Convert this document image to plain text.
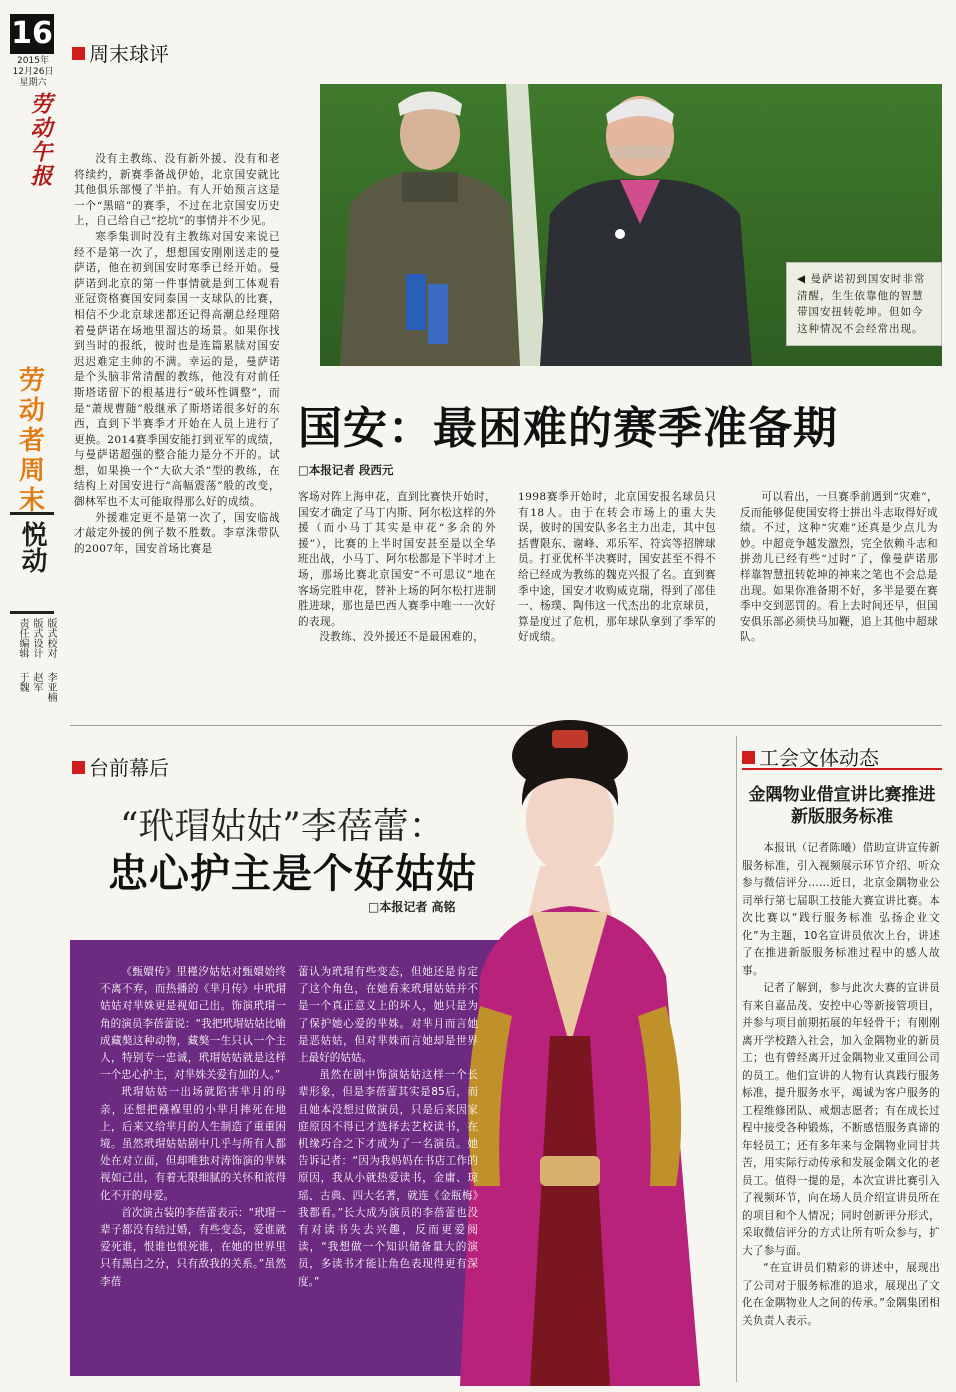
16
2015年
12月26日
星期六
劳动午报
劳动者周末
悦动
版式校对
李亚楠
版式设计
赵军
责任编辑
于魏
周末球评
◀ 曼萨诺初到国安时非常清醒，生生依靠他的智慧带国安扭转乾坤。但如今这种情况不会经常出现。

没有主教练、没有新外援、没有和老将续约，新赛季备战伊始，北京国安就比其他俱乐部慢了半拍。有人开始预言这是一个“黑暗”的赛季，不过在北京国安历史上，自己给自己“挖坑”的事情并不少见。

寒季集训时没有主教练对国安来说已经不是第一次了，想想国安刚刚送走的曼萨诺，他在初到国安时寒季已经开始。曼萨诺到北京的第一件事情就是到工体观看亚冠资格赛国安同泰国一支球队的比赛，相信不少北京球迷都还记得高潮总经理陪着曼萨诺在场地里溜达的场景。如果你找到当时的报纸，彼时也是连篇累牍对国安迟迟难定主帅的不满。幸运的是，曼萨诺是个头脑非常清醒的教练，他没有对前任斯塔诺留下的根基进行“破坏性调整”，而是“萧规曹随”般继承了斯塔诺很多好的东西，直到下半赛季才开始在人员上进行了更换。2014赛季国安能打到亚军的成绩，与曼萨诺超强的整合能力是分不开的。试想，如果换一个“大砍大杀”型的教练，在结构上对国安进行“高幅震荡”般的改变，御林军也不太可能取得那么好的成绩。

外援难定更不是第一次了，国安临战才敲定外援的例子数不胜数。李章洙带队的2007年，国安首场比赛是

国安：最困难的赛季准备期
□本报记者 段西元

客场对阵上海申花，直到比赛快开始时，国安才确定了马丁内斯、阿尔松这样的外援（而小马丁其实是申花“多余的外援”），比赛的上半时国安甚至是以全华班出战，小马丁、阿尔松都是下半时才上场，那场比赛北京国安“不可思议”地在客场完胜申花，替补上场的阿尔松打进制胜进球，那也是巴西人赛季中唯一一次好的表现。

没教练、没外援还不是最困难的，

1998赛季开始时，北京国安报名球员只有18人。由于在转会市场上的重大失误，彼时的国安队多名主力出走，其中包括曹限东、谢峰、邓乐军、符宾等招牌球员。打亚优杯半决赛时，国安甚至不得不给已经成为教练的魏克兴报了名。直到赛季中途，国安才收购威克瑞，得到了邵佳一、杨璞、陶伟这一代杰出的北京球员，算是度过了危机，那年球队拿到了季军的好成绩。

可以看出，一旦赛季前遇到“灾难”，反而能够促使国安将士拼出斗志取得好成绩。不过，这种“灾难”还真是少点儿为妙。中超竞争越发激烈，完全依赖斗志和拼劲儿已经有些“过时”了，像曼萨诺那样靠智慧扭转乾坤的神来之笔也不会总是出现。如果你准备期不好，多半是要在赛季中交到恶罚的。看上去时间还早，但国安俱乐部必须快马加鞭，追上其他中超球队。

台前幕后
“玳瑁姑姑”李蓓蕾：
忠心护主是个好姑姑
□本报记者 高铭

《甄嬛传》里槿汐姑姑对甄嬛始终不离不弃，而热播的《芈月传》中玳瑁姑姑对芈姝更是视如己出。饰演玳瑁一角的演员李蓓蕾说：“我把玳瑁姑姑比喻成藏獒这种动物，藏獒一生只认一个主人，特别专一忠诚，玳瑁姑姑就是这样一个忠心护主，对芈姝关爱有加的人。”

玳瑁姑姑一出场就陷害芈月的母亲，还想把襁褓里的小芈月摔死在地上，后来又给芈月的人生制造了重重困境。虽然玳瑁姑姑剧中几乎与所有人都处在对立面，但却唯独对涛饰演的芈姝视如己出，有着无限细腻的关怀和浓得化不开的母爱。

首次演古装的李蓓蕾表示：“玳瑁一辈子都没有结过婚，有些变态，爱谁就爱死谁，恨谁也恨死谁，在她的世界里只有黑白之分，只有敌我的关系。”虽然李蓓

蕾认为玳瑁有些变态，但她还是肯定了这个角色，在她看来玳瑁姑姑并不是一个真正意义上的坏人，她只是为了保护她心爱的芈姝。对芈月而言她是恶姑姑，但对芈姝而言她却是世界上最好的姑姑。

虽然在剧中饰演姑姑这样一个长辈形象，但是李蓓蕾其实是85后，而且她本没想过做演员，只是后来因家庭原因不得已才选择去艺校读书，在机缘巧合之下才成为了一名演员。她告诉记者：“因为我妈妈在书店工作的原因，我从小就热爱读书，金庸、琼瑶、古典、四大名著，就连《金瓶梅》我都看。”长大成为演员的李蓓蕾也没有对读书失去兴趣，反而更爱阅读，“我想做一个知识储备量大的演员，多读书才能让角色表现得更有深度。”

工会文体动态
金隅物业借宣讲比赛推进新版服务标准

本报讯（记者陈曦）借助宣讲宣传新服务标准，引入视频展示环节介绍、听众参与微信评分……近日，北京金隅物业公司举行第七届职工技能大赛宣讲比赛。本次比赛以“践行服务标准 弘扬企业文化”为主题，10名宣讲员依次上台，讲述了在推进新版服务标准过程中的感人故事。

记者了解到，参与此次大赛的宣讲员有来自嘉品茂、安控中心等新接管项目，并参与项目前期拓展的年轻骨干；有刚刚离开学校踏入社会，加入金隅物业的新员工；也有曾经离开过金隅物业又重回公司的员工。他们宣讲的人物有认真践行服务标准，提升服务水平，竭诚为客户服务的工程维修团队、戒烟志愿者；有在成长过程中接受各种锻炼，不断感悟服务真谛的年轻员工；还有多年来与金隅物业同甘共苦，用实际行动传承和发展金隅文化的老员工。值得一提的是，本次宣讲比赛引入了视频环节，向在场人员介绍宣讲员所在的项目和个人情况；同时创新评分形式，采取微信评分的方式让所有听众参与，扩大了参与面。

“在宣讲员们精彩的讲述中，展现出了公司对于服务标准的追求，展现出了文化在金隅物业人之间的传承。”金隅集团相关负责人表示。
